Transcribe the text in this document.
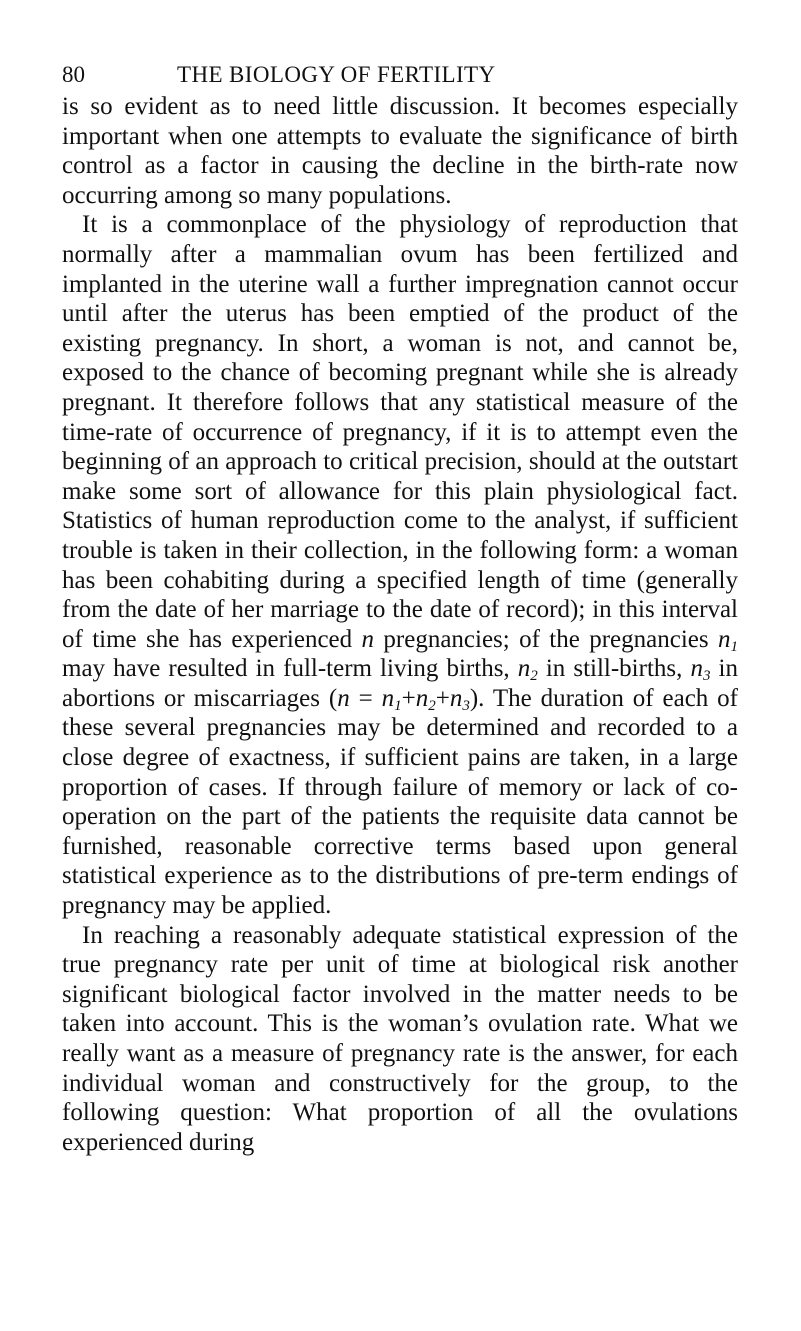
80	THE BIOLOGY OF FERTILITY

is so evident as to need little discussion. It becomes especially important when one attempts to evaluate the significance of birth control as a factor in causing the decline in the birth-rate now occurring among so many populations.

It is a commonplace of the physiology of reproduction that normally after a mammalian ovum has been fertilized and implanted in the uterine wall a further impregnation cannot occur until after the uterus has been emptied of the product of the existing pregnancy. In short, a woman is not, and cannot be, exposed to the chance of becoming pregnant while she is already pregnant. It therefore follows that any statistical measure of the time-rate of occurrence of pregnancy, if it is to attempt even the beginning of an approach to critical precision, should at the outstart make some sort of allowance for this plain physiological fact. Statistics of human reproduction come to the analyst, if sufficient trouble is taken in their collection, in the following form: a woman has been cohabiting during a specified length of time (generally from the date of her marriage to the date of record); in this interval of time she has experienced n pregnancies; of the pregnancies $n_1$ may have resulted in full-term living births, $n_2$ in still-births, $n_3$ in abortions or miscarriages $(n = n_1+n_2+n_3)$. The duration of each of these several pregnancies may be determined and recorded to a close degree of exactness, if sufficient pains are taken, in a large proportion of cases. If through failure of memory or lack of co-operation on the part of the patients the requisite data cannot be furnished, reasonable corrective terms based upon general statistical experience as to the distributions of pre-term endings of pregnancy may be applied.

In reaching a reasonably adequate statistical expression of the true pregnancy rate per unit of time at biological risk another significant biological factor involved in the matter needs to be taken into account. This is the woman’s ovulation rate. What we really want as a measure of pregnancy rate is the answer, for each individual woman and constructively for the group, to the following question: What proportion of all the ovulations experienced during
